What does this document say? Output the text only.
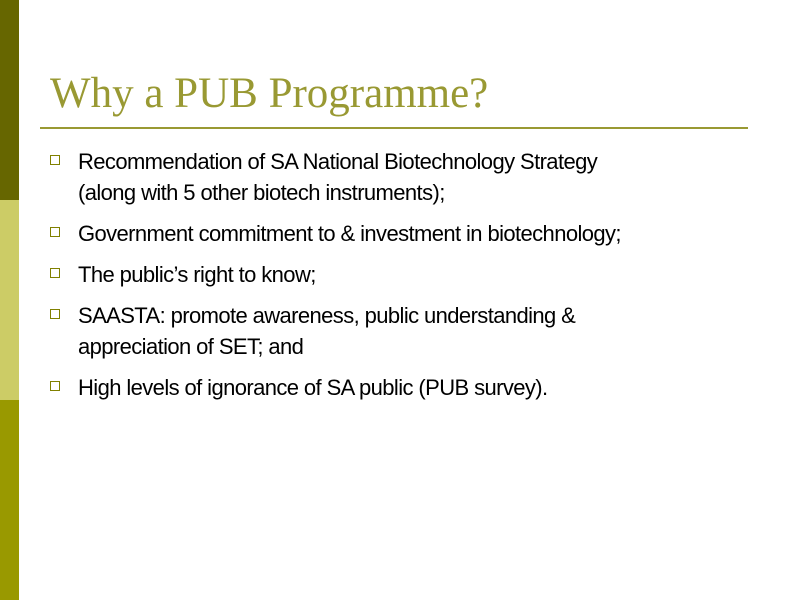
Why a PUB Programme?
Recommendation of SA National Biotechnology Strategy
(along with 5 other biotech instruments);
Government commitment to & investment in biotechnology;
The public’s right to know;
SAASTA: promote awareness, public understanding &
appreciation of SET; and
High levels of ignorance of SA public (PUB survey).
